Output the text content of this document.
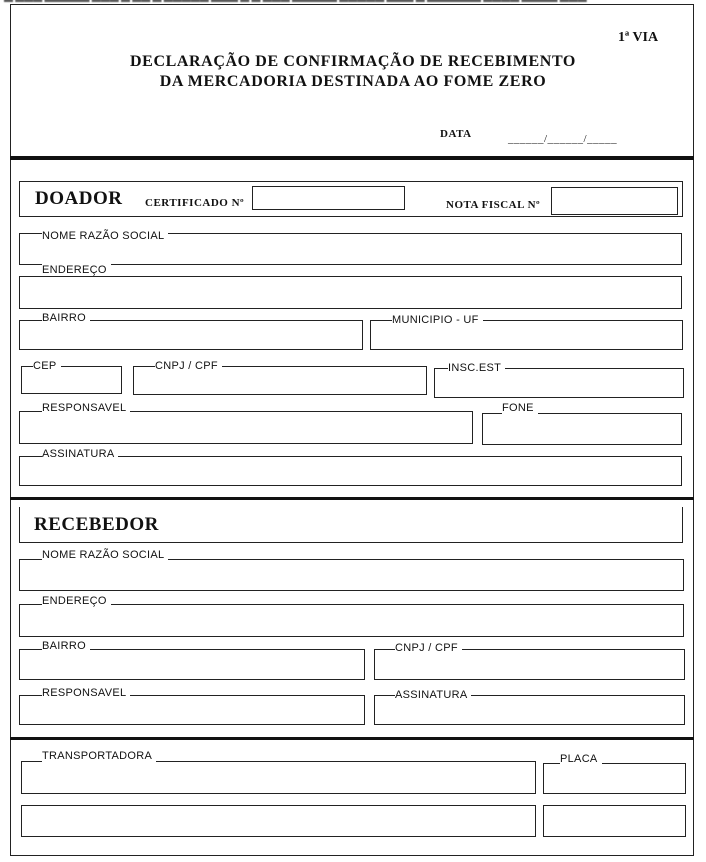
1ª VIA
DECLARAÇÃO DE CONFIRMAÇÃO DE RECEBIMENTO
DA MERCADORIA DESTINADA AO FOME ZERO
DATA	______/______/_____
DOADOR CERTIFICADO Nº	NOTA FISCAL Nº
NOME RAZÃO SOCIAL
ENDEREÇO
BAIRRO	MUNICIPIO - UF
CEP	CNPJ / CPF	INSC.EST
RESPONSAVEL	FONE
ASSINATURA
RECEBEDOR
NOME RAZÃO SOCIAL
ENDEREÇO
BAIRRO	CNPJ / CPF
RESPONSAVEL	ASSINATURA
TRANSPORTADORA	PLACA
